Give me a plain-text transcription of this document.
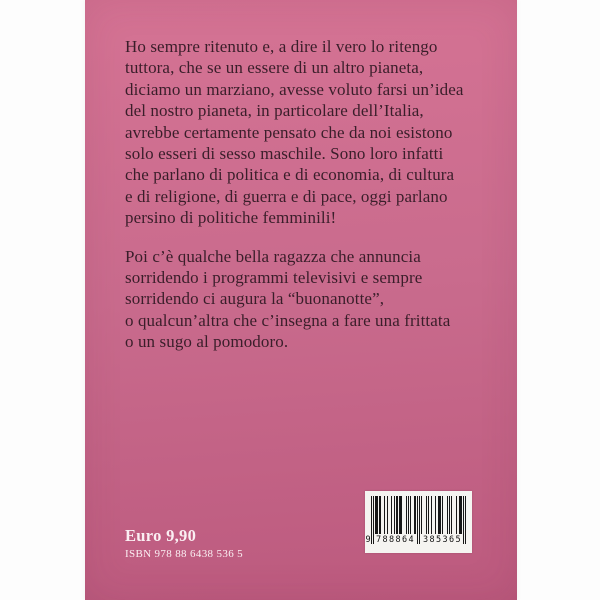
Ho sempre ritenuto e, a dire il vero lo ritengo
tuttora, che se un essere di un altro pianeta,
diciamo un marziano, avesse voluto farsi un’idea
del nostro pianeta, in particolare dell’Italia,
avrebbe certamente pensato che da noi esistono
solo esseri di sesso maschile. Sono loro infatti
che parlano di politica e di economia, di cultura
e di religione, di guerra e di pace, oggi parlano
persino di politiche femminili!
Poi c’è qualche bella ragazza che annuncia
sorridendo i programmi televisivi e sempre
sorridendo ci augura la “buonanotte”,
o qualcun’altra che c’insegna a fare una frittata
o un sugo al pomodoro.
Euro 9,90
ISBN 978 88 6438 536 5
9 788864 385365
